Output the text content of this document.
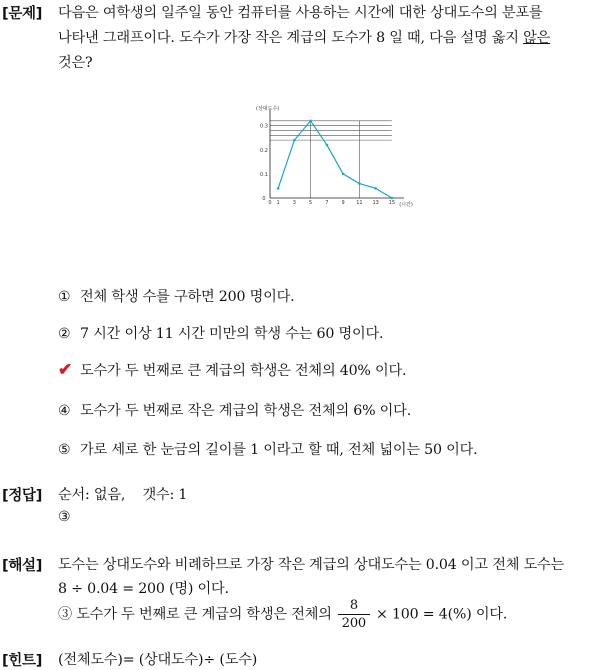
[문제] 다음은 여학생의 일주일 동안 컴퓨터를 사용하는 시간에 대한 상대도수의 분포를
나타낸 그래프이다. 도수가 가장 작은 계급의 도수가 8 일 때, 다음 설명 옳지 않은
것은?
(상대도수)
(시간)
0.3
0.2
0.1
0
0 1	3	5	7	9 11 13 15
① 전체 학생 수를 구하면 200 명이다.
② 7 시간 이상 11 시간 미만의 학생 수는 60 명이다.
✔ 도수가 두 번째로 큰 계급의 학생은 전체의 40% 이다.
④ 도수가 두 번째로 작은 계급의 학생은 전체의 6% 이다.
⑤ 가로 세로 한 눈금의 길이를 1 이라고 할 때, 전체 넓이는 50 이다.
[정답] 순서: 없음,    갯수: 1
③
[해설] 도수는 상대도수와 비례하므로 가장 작은 계급의 상대도수는 0.04 이고 전체 도수는
8 ÷ 0.04 = 200 (명) 이다.
③ 도수가 두 번째로 큰 계급의 학생은 전체의 $\frac{8}{200} \times 100 = 4(\%)$ 이다.
[힌트] (전체도수)= (상대도수)÷ (도수)
